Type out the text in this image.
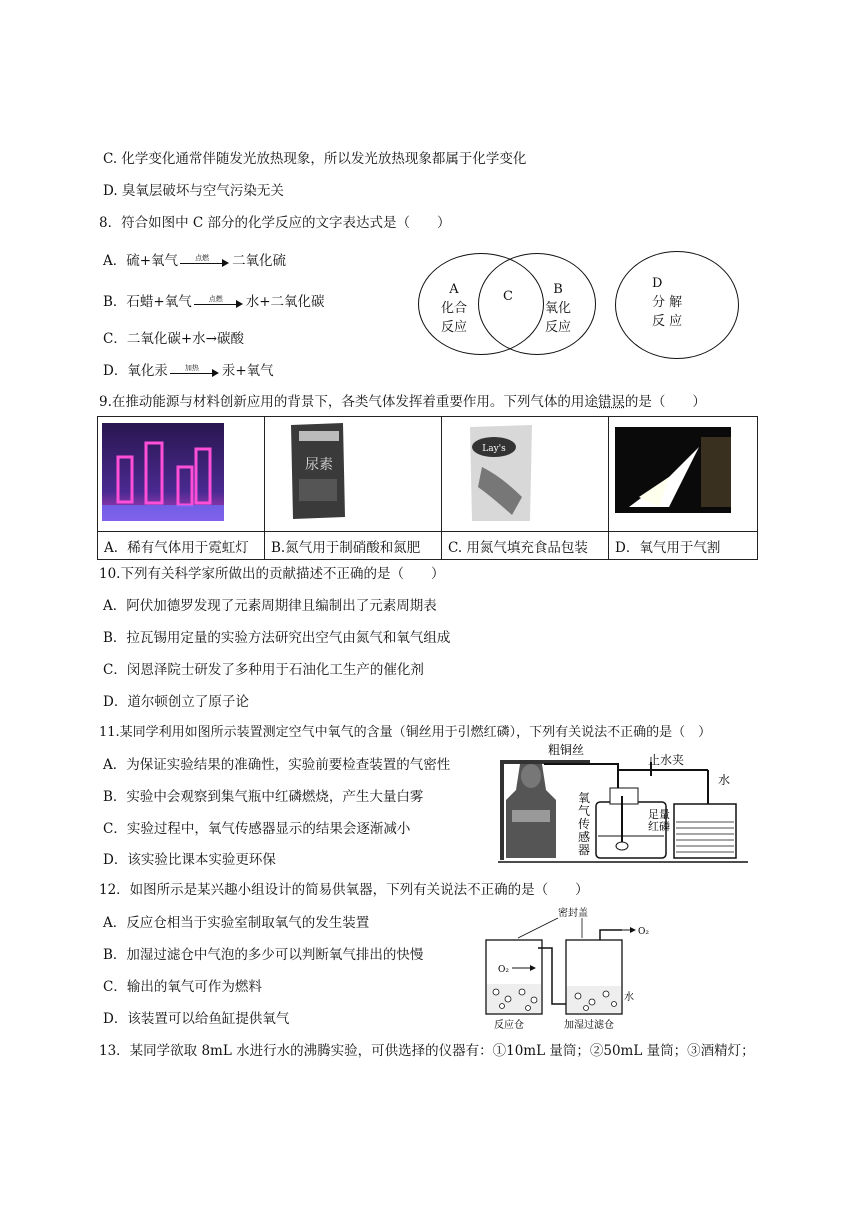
C. 化学变化通常伴随发光放热现象，所以发光放热现象都属于化学变化
D. 臭氧层破坏与空气污染无关
8．符合如图中 C 部分的化学反应的文字表达式是（　　）
A．硫+氧气	点燃	二氧化硫
B．石蜡+氧气	点燃	水+二氧化碳
C．二氧化碳+水→碳酸
D．氧化汞	加热	汞+氧气
A
化合
反应
C	B
氧化
反应
D
分 解
反 应
9.在推动能源与材料创新应用的背景下，各类气体发挥着重要作用。下列气体的用途错误的是（　　）

尿素	Lay's

A．稀有气体用于霓虹灯	B.氮气用于制硝酸和氮肥	C. 用氮气填充食品包装	D．氧气用于气割
10.下列有关科学家所做出的贡献描述不正确的是（　　）
A．阿伏加德罗发现了元素周期律且编制出了元素周期表
B．拉瓦锡用定量的实验方法研究出空气由氮气和氧气组成
C．闵恩泽院士研发了多种用于石油化工生产的催化剂
D．道尔顿创立了原子论
11.某同学利用如图所示装置测定空气中氧气的含量（铜丝用于引燃红磷），下列有关说法不正确的是（　）
A．为保证实验结果的准确性，实验前要检查装置的气密性
B．实验中会观察到集气瓶中红磷燃烧，产生大量白雾
C．实验过程中，氧气传感器显示的结果会逐渐减小
D．该实验比课本实验更环保
粗铜丝
止水夹
水
氧 气 传 感 器
足量 红磷
12．如图所示是某兴趣小组设计的简易供氧器，下列有关说法不正确的是（　　）
A．反应仓相当于实验室制取氧气的发生装置
B．加湿过滤仓中气泡的多少可以判断氧气排出的快慢
C．输出的氧气可作为燃料
D．该装置可以给鱼缸提供氧气
密封盖
O₂
O₂
水
反应仓	加湿过滤仓
13．某同学欲取 8mL 水进行水的沸腾实验，可供选择的仪器有：①10mL 量筒；②50mL 量筒；③酒精灯；
